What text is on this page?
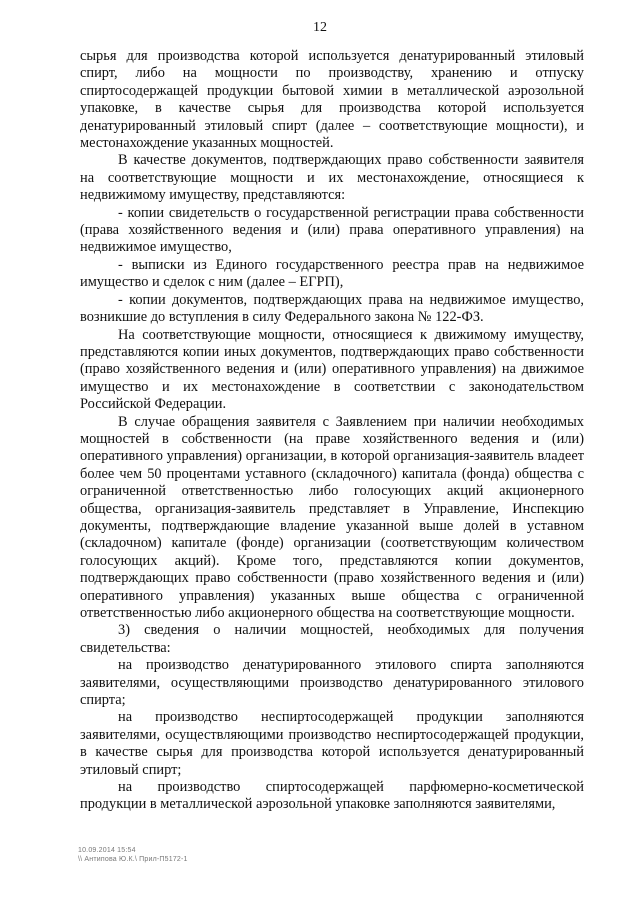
12

сырья для производства которой используется денатурированный этиловый спирт, либо на мощности по производству, хранению и отпуску спиртосодержащей продукции бытовой химии в металлической аэрозольной упаковке, в качестве сырья для производства которой используется денатурированный этиловый спирт (далее – соответствующие мощности), и местонахождение указанных мощностей.

В качестве документов, подтверждающих право собственности заявителя на соответствующие мощности и их местонахождение, относящиеся к недвижимому имуществу, представляются:

- копии свидетельств о государственной регистрации права собственности (права хозяйственного ведения и (или) права оперативного управления) на недвижимое имущество,

- выписки из Единого государственного реестра прав на недвижимое имущество и сделок с ним (далее – ЕГРП),

- копии документов, подтверждающих права на недвижимое имущество, возникшие до вступления в силу Федерального закона № 122-ФЗ.

На соответствующие мощности, относящиеся к движимому имуществу, представляются копии иных документов, подтверждающих право собственности (право хозяйственного ведения и (или) оперативного управления) на движимое имущество и их местонахождение в соответствии с законодательством Российской Федерации.

В случае обращения заявителя с Заявлением при наличии необходимых мощностей в собственности (на праве хозяйственного ведения и (или) оперативного управления) организации, в которой организация-заявитель владеет более чем 50 процентами уставного (складочного) капитала (фонда) общества с ограниченной ответственностью либо голосующих акций акционерного общества, организация-заявитель представляет в Управление, Инспекцию документы, подтверждающие владение указанной выше долей в уставном (складочном) капитале (фонде) организации (соответствующим количеством голосующих акций). Кроме того, представляются копии документов, подтверждающих право собственности (право хозяйственного ведения и (или) оперативного управления) указанных выше общества с ограниченной ответственностью либо акционерного общества на соответствующие мощности.

3) сведения о наличии мощностей, необходимых для получения свидетельства:

на производство денатурированного этилового спирта заполняются заявителями, осуществляющими производство денатурированного этилового спирта;

на производство неспиртосодержащей продукции заполняются заявителями, осуществляющими производство неспиртосодержащей продукции, в качестве сырья для производства которой используется денатурированный этиловый спирт;

на производство спиртосодержащей парфюмерно-косметической продукции в металлической аэрозольной упаковке заполняются заявителями,

10.09.2014 15:54
\\ Антипова Ю.К.\ Прил-П5172-1
